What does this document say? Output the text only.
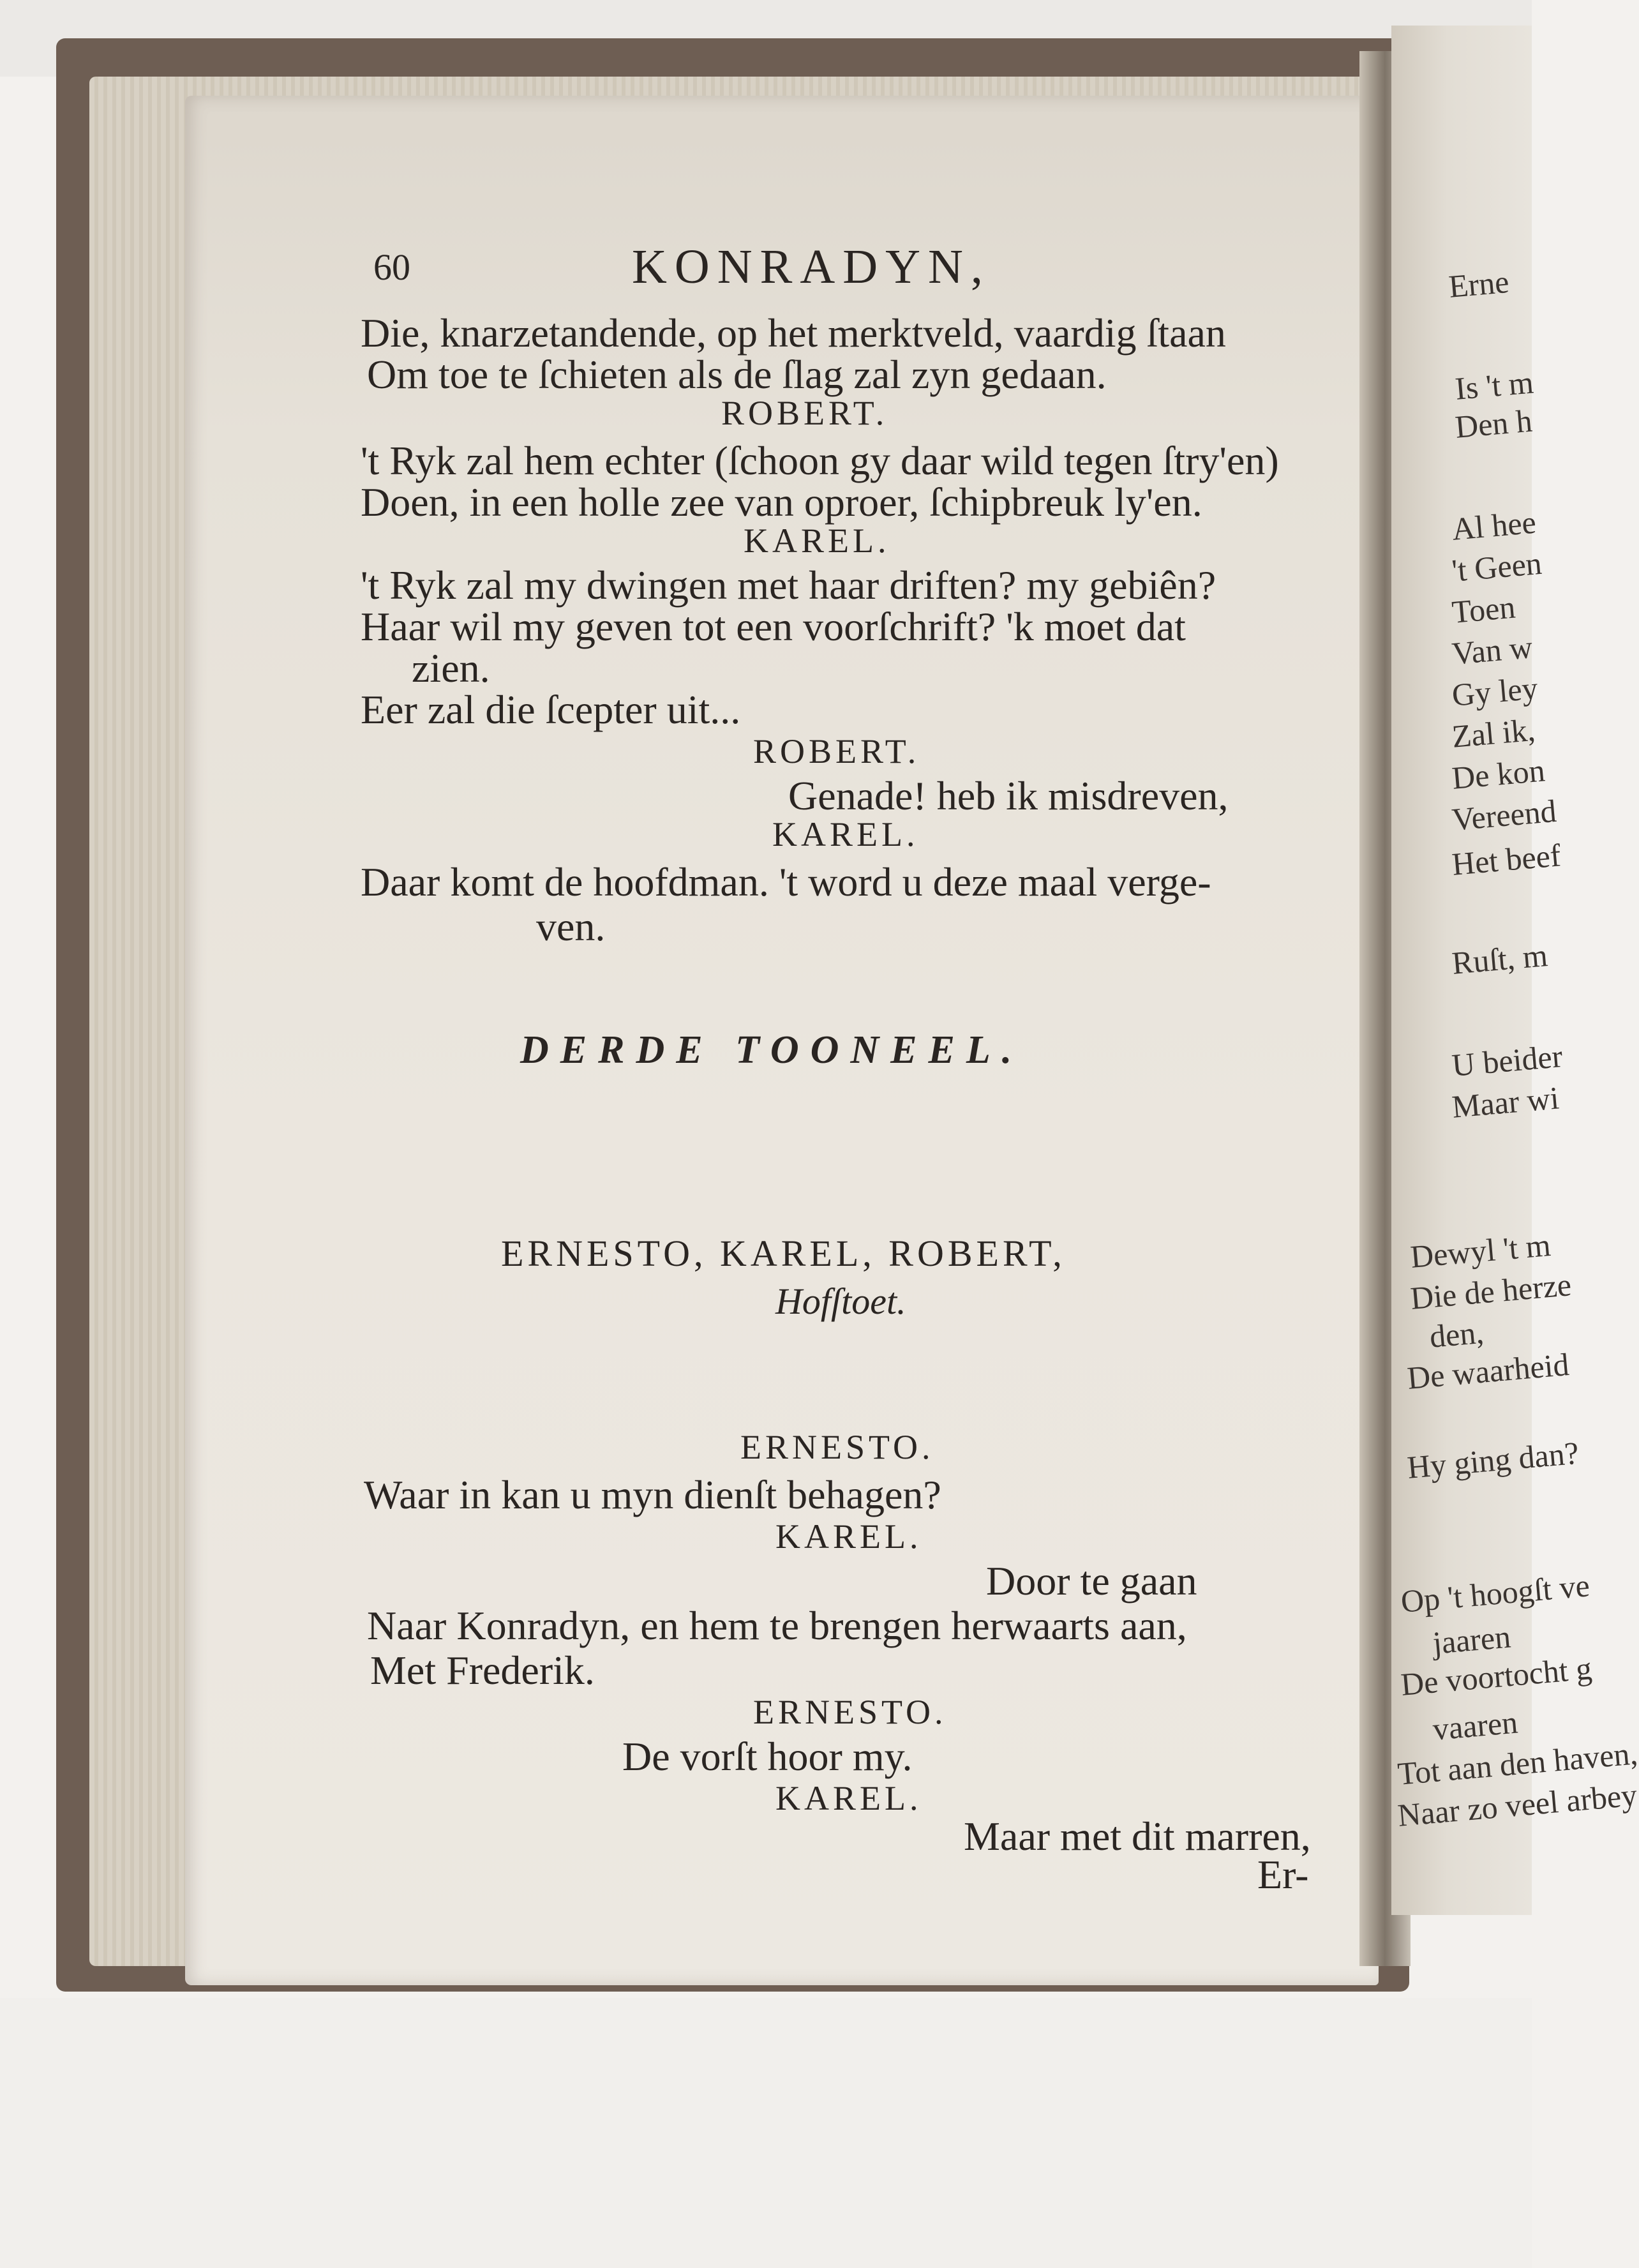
Erne
Is 't m
Den h
Al hee
't Geen
Toen
Van w
Gy ley
Zal ik,
De kon
Vereend
Het beef
Ruſt, m
U beider
Maar wi
Dewyl 't m
Die de herze
den,
De waarheid
Hy ging dan?
Op 't hoogſt ve
jaaren
De voortocht g
vaaren
Tot aan den haven,
Naar zo veel arbey
60	KONRADYN,
Die, knarzetandende, op het merktveld, vaardig ſtaan
Om toe te ſchieten als de ſlag zal zyn gedaan.
ROBERT.
't Ryk zal hem echter (ſchoon gy daar wild tegen ſtry'en)
Doen, in een holle zee van oproer, ſchipbreuk ly'en.
KAREL.
't Ryk zal my dwingen met haar driften? my gebiên?
Haar wil my geven tot een voorſchrift? 'k moet dat
zien.
Eer zal die ſcepter uit...
ROBERT.
Genade! heb ik misdreven,
KAREL.
Daar komt de hoofdman. 't word u deze maal verge-
ven.
DERDE TOONEEL.
ERNESTO, KAREL, ROBERT,
Hofſtoet.
ERNESTO.
Waar in kan u myn dienſt behagen?
KAREL.
Door te gaan
Naar Konradyn, en hem te brengen herwaarts aan,
Met Frederik.
ERNESTO.
De vorſt hoor my.
KAREL.
Maar met dit marren,
Er-
